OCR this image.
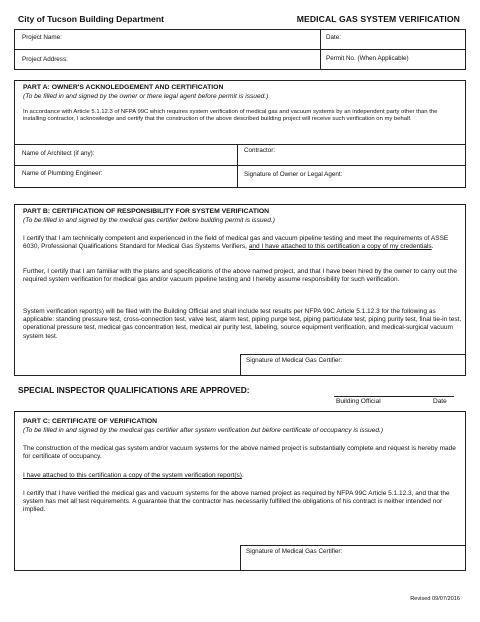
City of Tucson Building Department	MEDICAL GAS SYSTEM VERIFICATION
Project Name:	Date:
Project Address:	Permit No. (When Applicable)
PART A: OWNER'S ACKNOLEDGEMENT AND CERTIFICATION
(To be filled in and signed by the owner or there legal agent before permit is issued.)
In accordance with Article 5.1.12.3 of NFPA 99C which requires system verification of medical gas and vacuum systems by an independent party other than the installing contractor, I acknowledge and certify that the construction of the above described building project will receive such verification on my behalf.
Name of Architect (if any):	Contractor:
Name of Plumbing Engineer:	Signature of Owner or Legal Agent:
PART B: CERTIFICATION OF RESPONSIBILITY FOR SYSTEM VERIFICATION
(To be filled in and signed by the medical gas certifier before building permit is issued.)
I certify that I am technically competent and experienced in the field of medical gas and vacuum pipeline testing and meet the requirements of ASSE 6030, Professional Qualifications Standard for Medical Gas Systems Verifiers, and I have attached to this certification a copy of my credentials.
Further, I certify that I am familiar with the plans and specifications of the above named project, and that I have been hired by the owner to carry out the required system verification for medical gas and/or vacuum pipeline testing and I hereby assume responsibility for such verification.
System verification report(s) will be filed with the Building Official and shall include test results per NFPA 99C Article 5.1.12.3 for the following as applicable: standing pressure test, cross-connection test, valve test, alarm test, piping purge test, piping particulate test, piping purity test, final tie-in test, operational pressure test, medical gas concentration test, medical air purity test, labeling, source equipment verification, and medical-surgical vacuum system test.
Signature of Medical Gas Certifier:
SPECIAL INSPECTOR QUALIFICATIONS ARE APPROVED:
Building Official	Date
PART C: CERTIFICATE OF VERIFICATION
(To be filled in and signed by the medical gas certifier after system verification but before certificate of occupancy is issued.)
The construction of the medical gas system and/or vacuum systems for the above named project is substantially complete and request is hereby made for certificate of occupancy.
I have attached to this certification a copy of the system verification report(s).
I certify that I have verified the medical gas and vacuum systems for the above named project as required by NFPA 99C Article 5.1.12.3, and that the system has met all test requirements. A guarantee that the contractor has necessarily fulfilled the obligations of his contract is neither intended nor implied.
Signature of Medical Gas Certifier:
Revised 09/07/2016
